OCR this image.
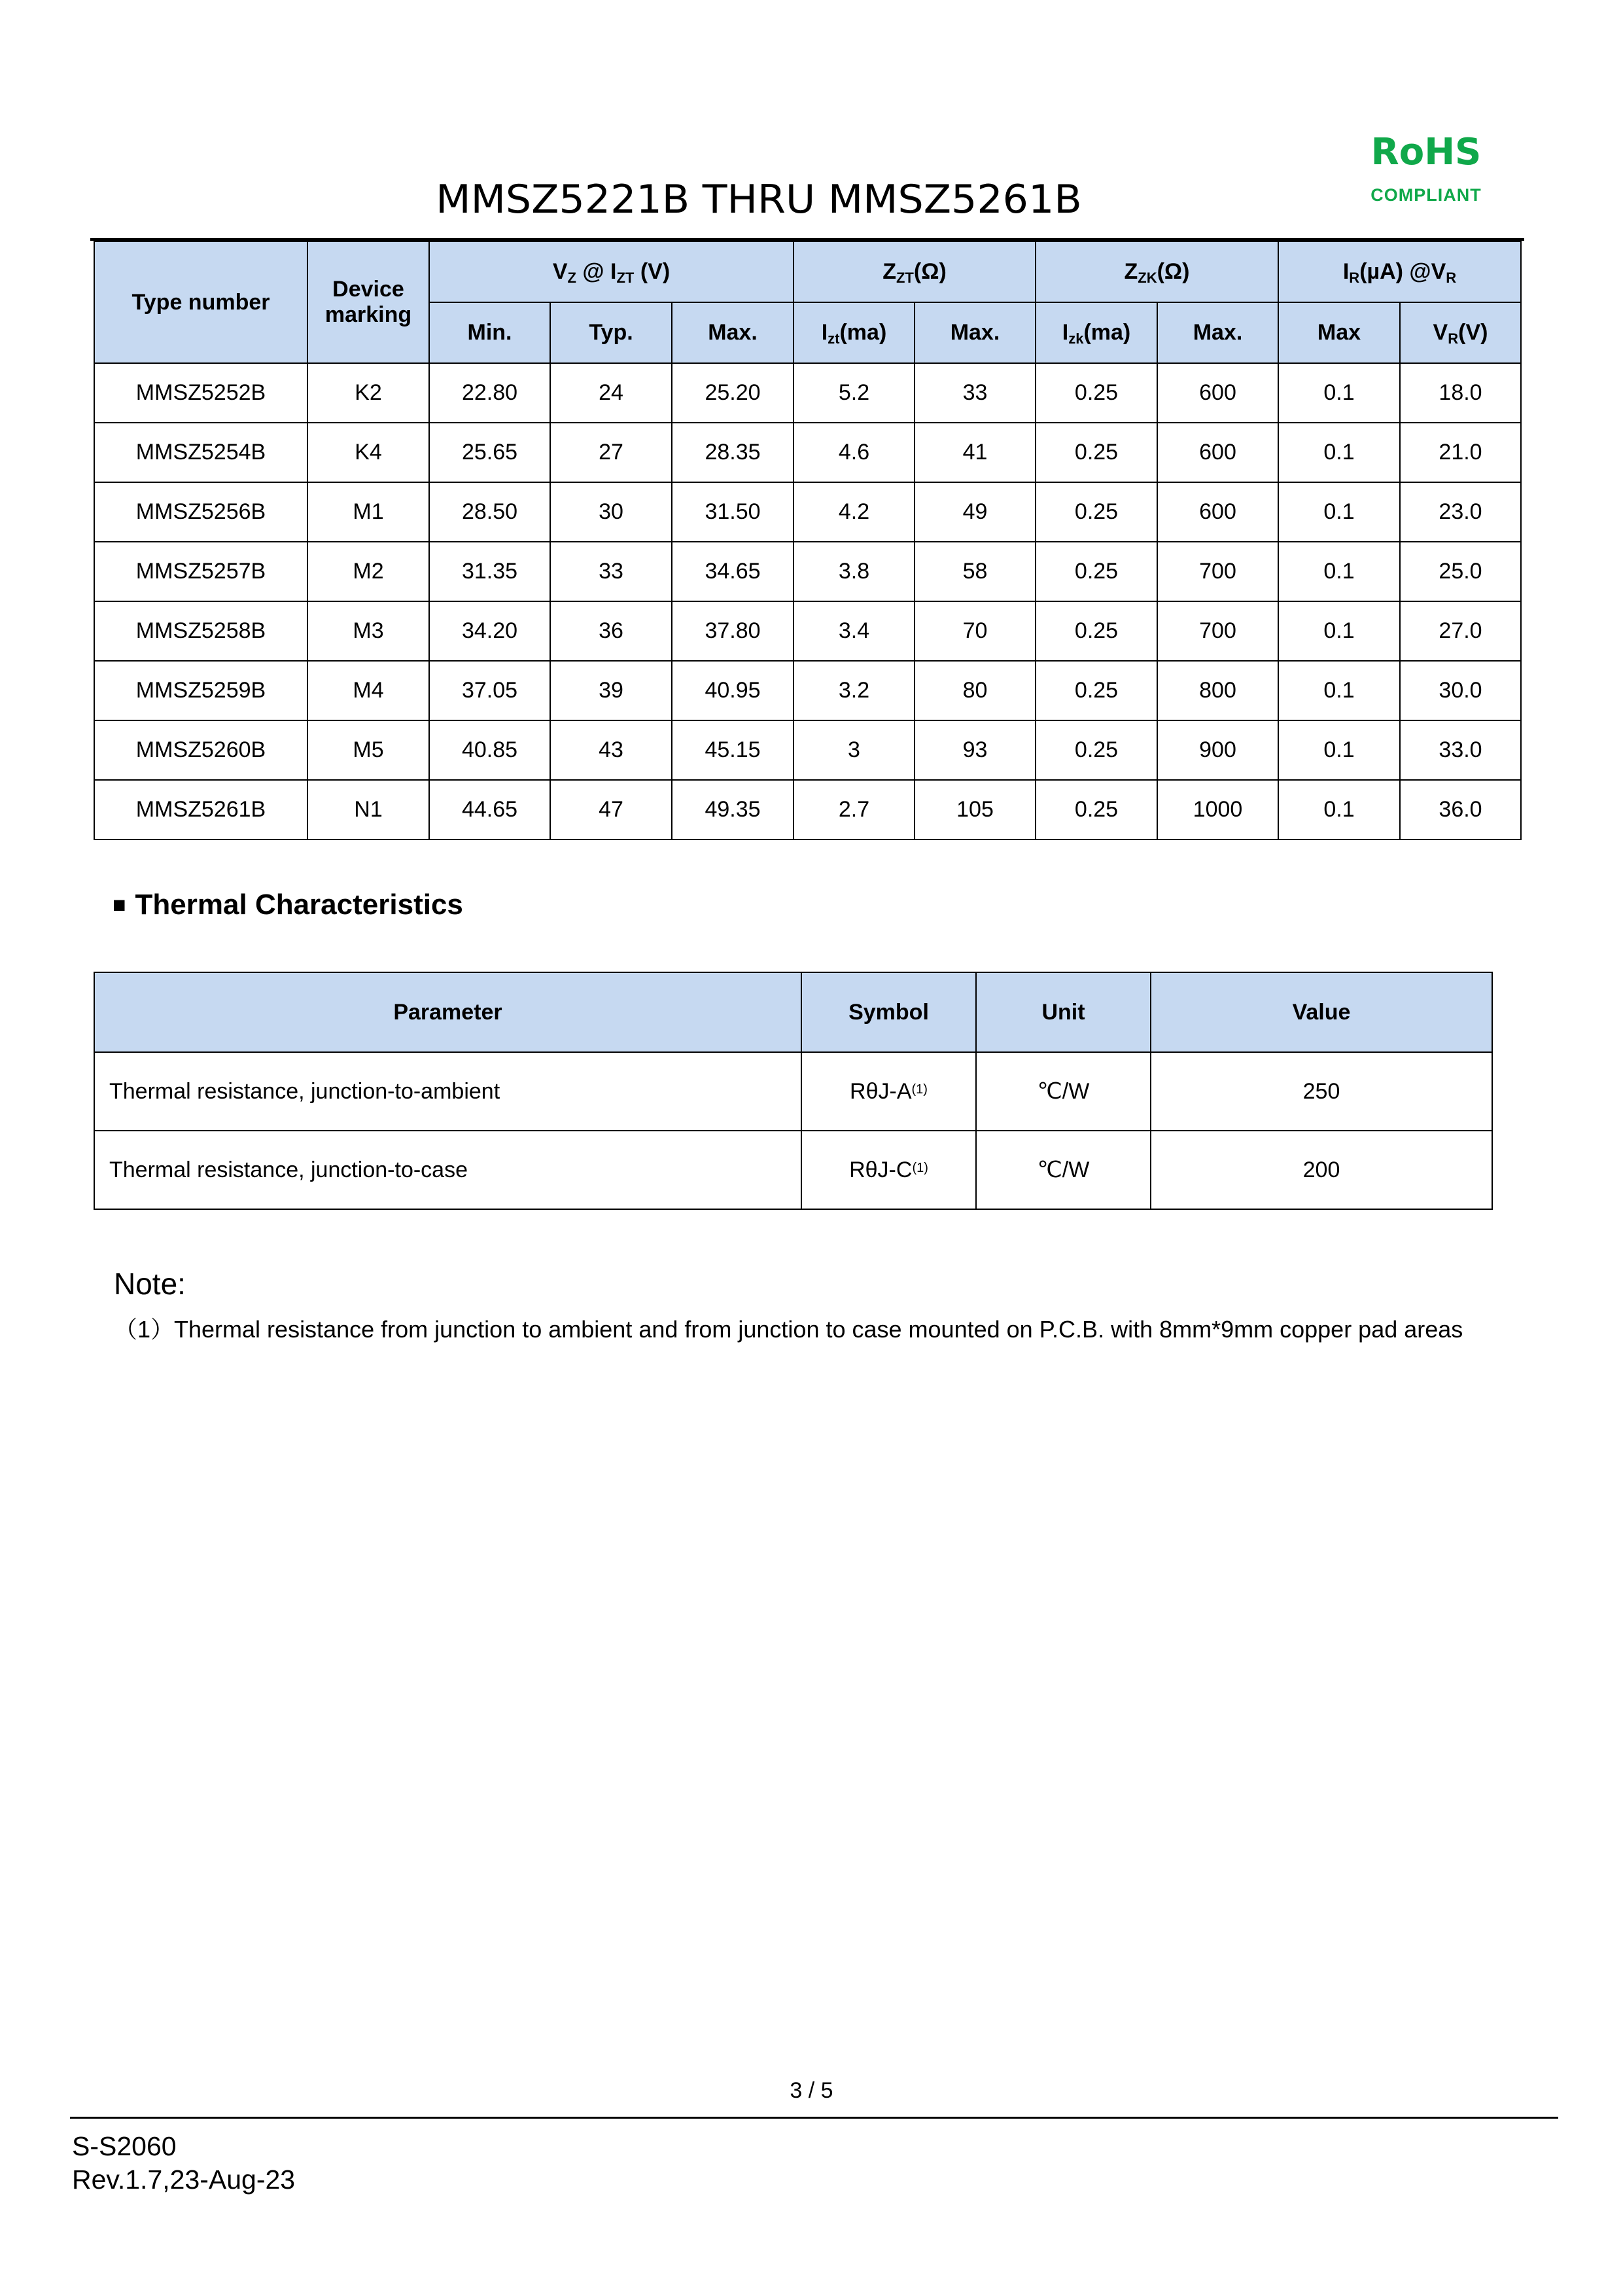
MMSZ5221B THRU MMSZ5261B
RoHS
COMPLIANT
Type number	Device marking	$V_Z$ @ $I_{ZT}$ (V)			$Z_{ZT}(\Omega)$		$Z_{ZK}(\Omega)$		$I_R(\mu A)$ $@V_R$
		Min.	Typ.	Max.	$I_{zt}(ma)$	Max.	$I_{zk}(ma)$	Max.	Max	$V_R(V)$
MMSZ5252B	K2	22.80	24	25.20	5.2	33	0.25	600	0.1	18.0
MMSZ5254B	K4	25.65	27	28.35	4.6	41	0.25	600	0.1	21.0
MMSZ5256B	M1	28.50	30	31.50	4.2	49	0.25	600	0.1	23.0
MMSZ5257B	M2	31.35	33	34.65	3.8	58	0.25	700	0.1	25.0
MMSZ5258B	M3	34.20	36	37.80	3.4	70	0.25	700	0.1	27.0
MMSZ5259B	M4	37.05	39	40.95	3.2	80	0.25	800	0.1	30.0
MMSZ5260B	M5	40.85	43	45.15	3	93	0.25	900	0.1	33.0
MMSZ5261B	N1	44.65	47	49.35	2.7	105	0.25	1000	0.1	36.0
■ Thermal Characteristics
Parameter	Symbol	Unit	Value
Thermal resistance, junction-to-ambient	RθJ-$A^{(1)}$	℃/W	250
Thermal resistance, junction-to-case	RθJ-$C^{(1)}$	℃/W	200
Note:
（1）Thermal resistance from junction to ambient and from junction to case mounted on P.C.B. with 8mm*9mm copper pad areas
3 / 5
S-S2060
Rev.1.7,23-Aug-23
